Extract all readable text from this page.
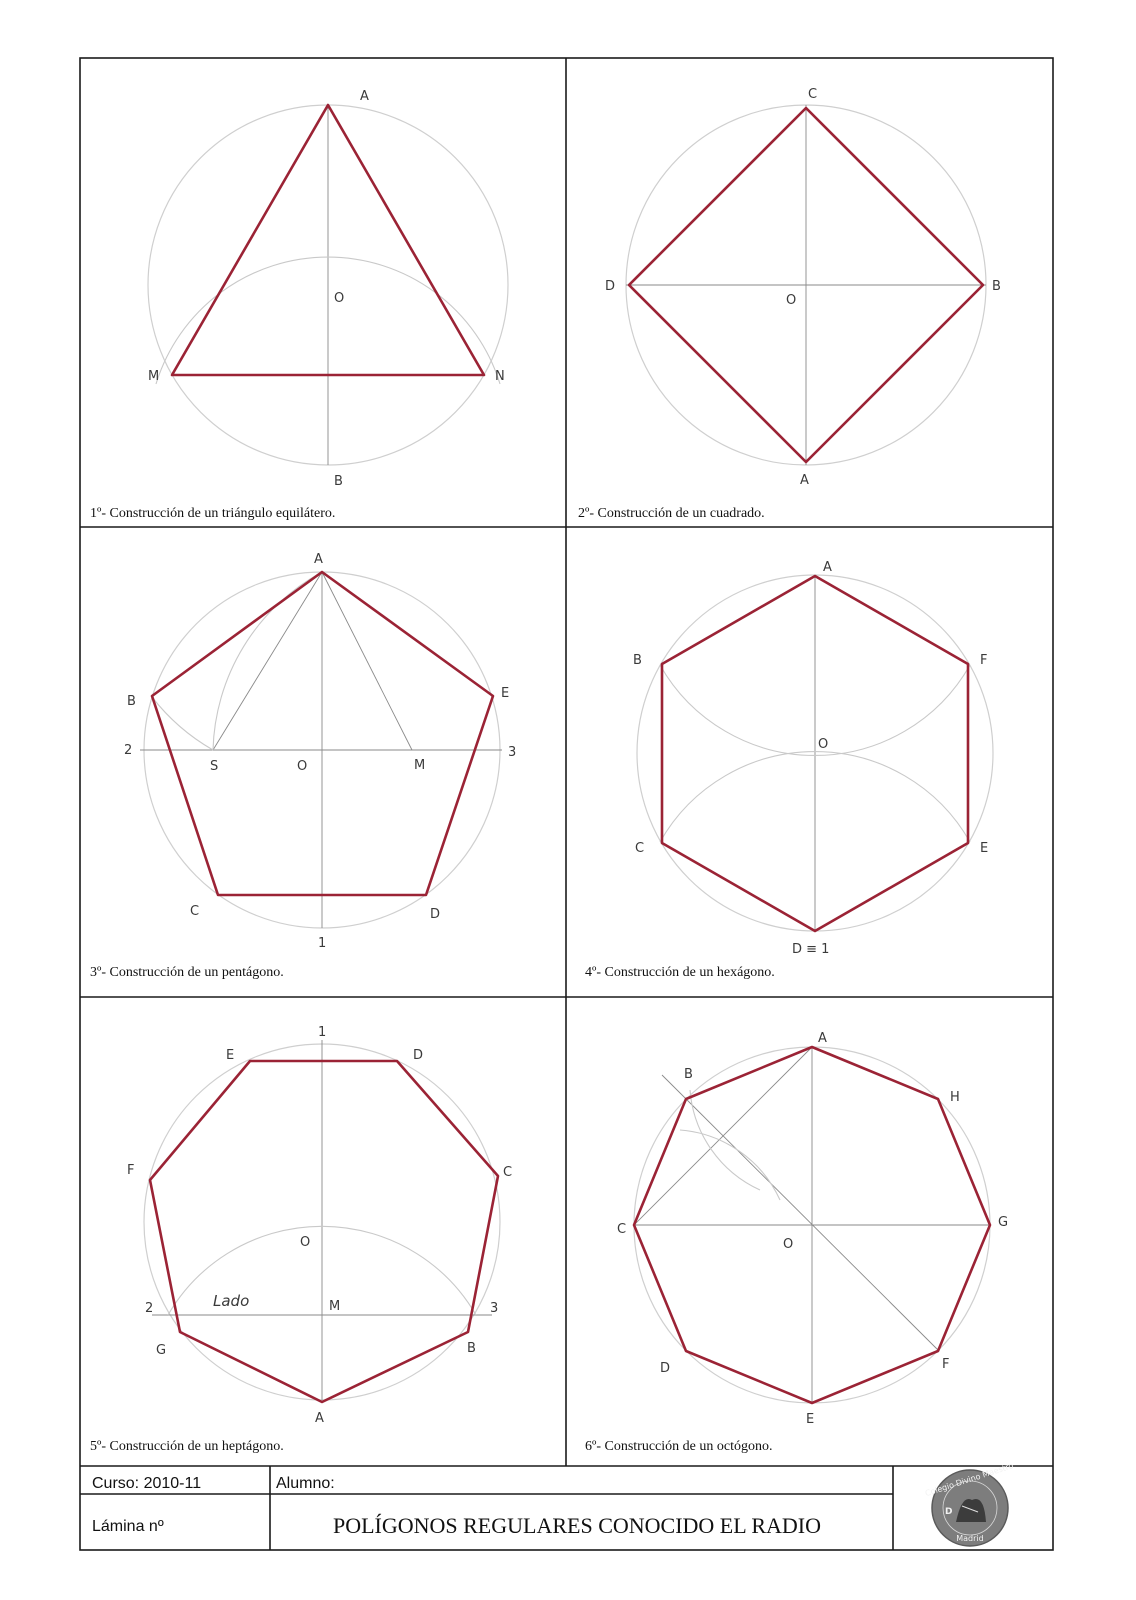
A
B
O
M	N
1º- Construcción de un triángulo equilátero.
C
B
A
D
O
2º- Construcción de un cuadrado.
A
B
E
C	D
S	O	M
1
2	3
3º- Construcción de un pentágono.
A
B	F
C	E
D ≡ 1
O
4º- Construcción de un hexágono.
1
E	D
F	C
O
2	3
Lado	M
G	B
A
5º- Construcción de un heptágono.
A
B
H
C	G
O
D	F
E
6º- Construcción de un octógono.
Curso: 2010-11	Alumno:
Lámina nº	POLÍGONOS REGULARES CONOCIDO EL RADIO
D
Colegio Divino Maestro
Madrid
